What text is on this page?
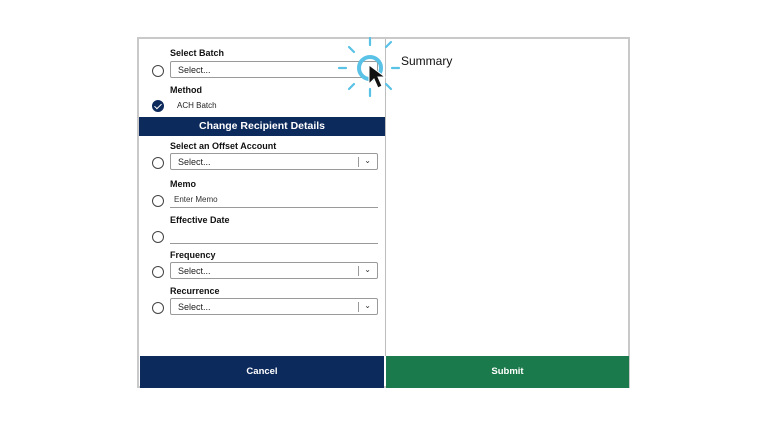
Select Batch
Select...
Method
ACH Batch
Change Recipient Details
Select an Offset Account
Select...	⌄
Memo
Enter Memo
Effective Date
Frequency
Select...	⌄
Recurrence
Select...	⌄
Summary
Cancel	Submit
